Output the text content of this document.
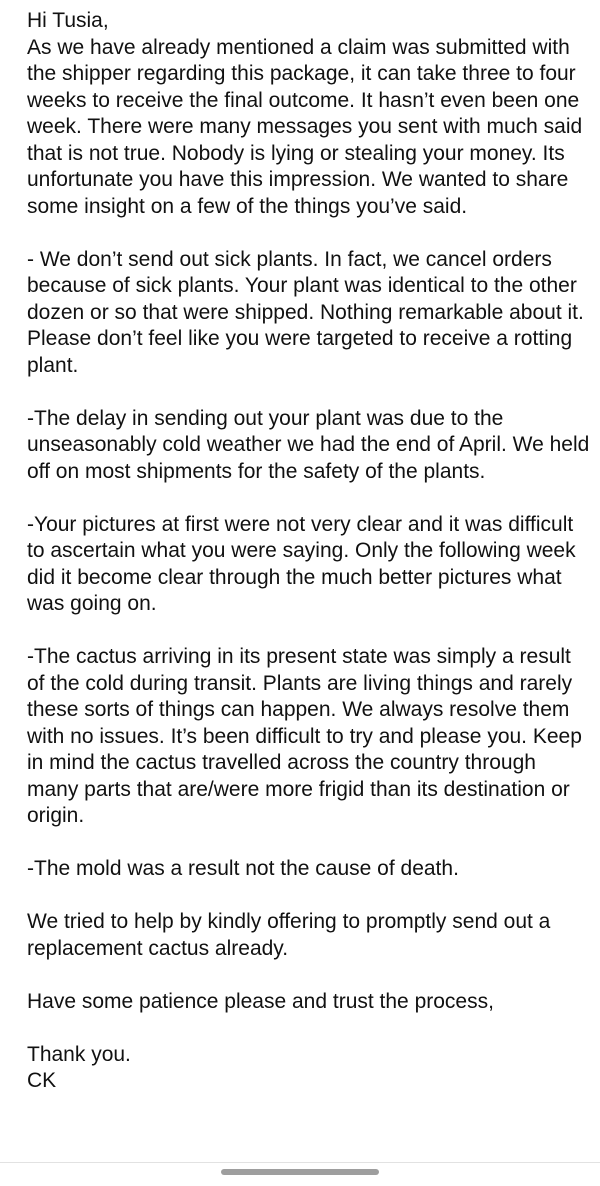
Hi Tusia,

As we have already mentioned a claim was submitted with the shipper regarding this package, it can take three to four weeks to receive the final outcome. It hasn’t even been one week. There were many messages you sent with much said that is not true. Nobody is lying or stealing your money. Its unfortunate you have this impression. We wanted to share some insight on a few of the things you’ve said.

- We don’t send out sick plants. In fact, we cancel orders because of sick plants. Your plant was identical to the other dozen or so that were shipped. Nothing remarkable about it. Please don’t feel like you were targeted to receive a rotting plant.

-The delay in sending out your plant was due to the unseasonably cold weather we had the end of April. We held off on most shipments for the safety of the plants.

-Your pictures at first were not very clear and it was difficult to ascertain what you were saying. Only the following week did it become clear through the much better pictures what was going on.

-The cactus arriving in its present state was simply a result of the cold during transit. Plants are living things and rarely these sorts of things can happen. We always resolve them with no issues. It’s been difficult to try and please you. Keep in mind the cactus travelled across the country through many parts that are/were more frigid than its destination or origin.

-The mold was a result not the cause of death.

We tried to help by kindly offering to promptly send out a replacement cactus already.

Have some patience please and trust the process,

Thank you.
CK
